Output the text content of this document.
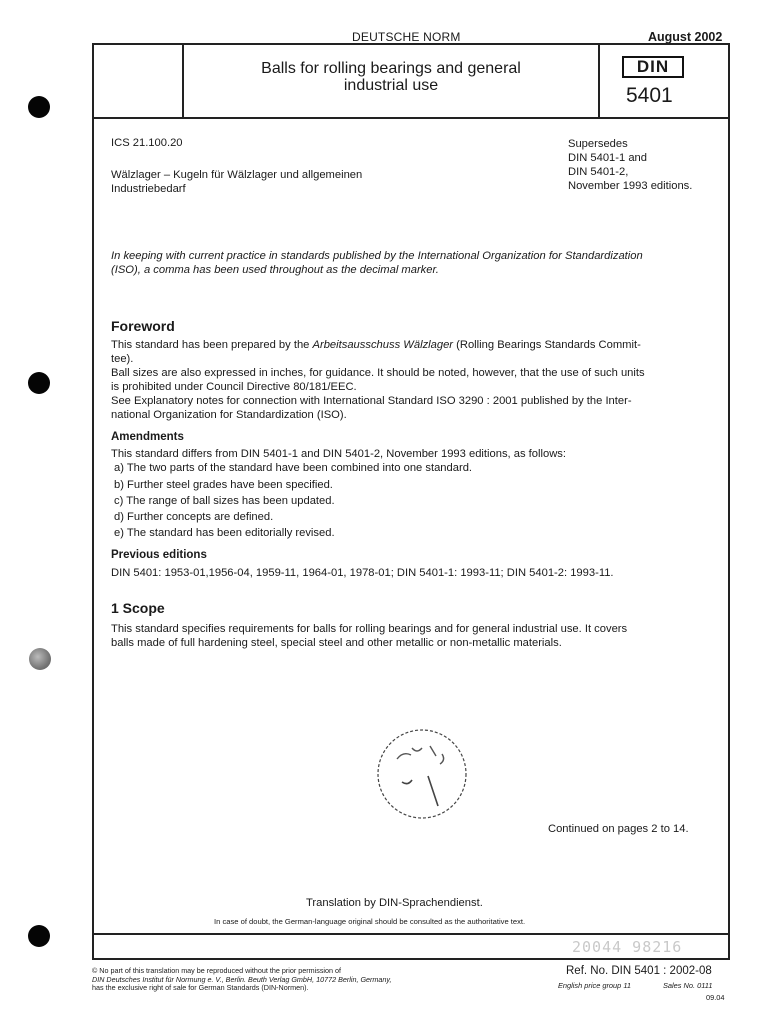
DEUTSCHE NORM	August 2002
Balls for rolling bearings and general
industrial use
DIN
5401
ICS 21.100.20
Wälzlager – Kugeln für Wälzlager und allgemeinen
Industriebedarf
Supersedes
DIN 5401-1 and
DIN 5401-2,
November 1993 editions.
In keeping with current practice in standards published by the International Organization for Standardization
(ISO), a comma has been used throughout as the decimal marker.
Foreword
This standard has been prepared by the Arbeitsausschuss Wälzlager (Rolling Bearings Standards Commit-
tee).
Ball sizes are also expressed in inches, for guidance. It should be noted, however, that the use of such units
is prohibited under Council Directive 80/181/EEC.
See Explanatory notes for connection with International Standard ISO 3290 : 2001 published by the Inter-
national Organization for Standardization (ISO).
Amendments
This standard differs from DIN 5401-1 and DIN 5401-2, November 1993 editions, as follows:
a) The two parts of the standard have been combined into one standard.
b) Further steel grades have been specified.
c) The range of ball sizes has been updated.
d) Further concepts are defined.
e) The standard has been editorially revised.
Previous editions
DIN 5401: 1953-01,1956-04, 1959-11, 1964-01, 1978-01; DIN 5401-1: 1993-11; DIN 5401-2: 1993-11.
1 Scope
This standard specifies requirements for balls for rolling bearings and for general industrial use. It covers
balls made of full hardening steel, special steel and other metallic or non-metallic materials.
Continued on pages 2 to 14.
Translation by DIN-Sprachendienst.
In case of doubt, the German-language original should be consulted as the authoritative text.
20044 98216
© No part of this translation may be reproduced without the prior permission of
DIN Deutsches Institut für Normung e. V., Berlin. Beuth Verlag GmbH, 10772 Berlin, Germany,
has the exclusive right of sale for German Standards (DIN-Normen).
Ref. No. DIN 5401 : 2002-08
English price group 11	Sales No. 0111
09.04
